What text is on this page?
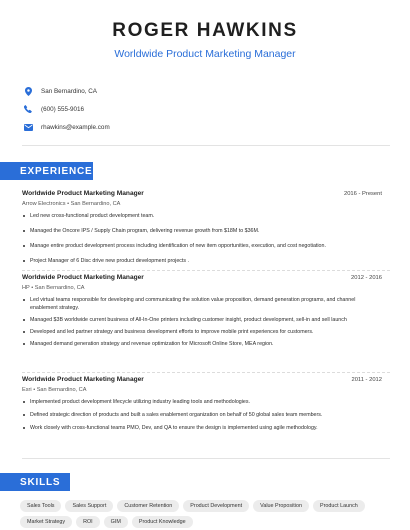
ROGER HAWKINS
Worldwide Product Marketing Manager
San Bernardino, CA
(600) 555-9016
rhawkins@example.com
EXPERIENCE
Worldwide Product Marketing Manager	2016 - Present
Arrow Electronics • San Bernardino, CA
Led new cross-functional product development team.
Managed the Oncore IPS / Supply Chain program, delivering revenue growth from $18M to $36M.
Manage entire product development process including identification of new item opportunities, execution, and cost negotiation.
Project Manager of 6 Disc drive new product development projects .
Worldwide Product Marketing Manager	2012 - 2016
HP • San Bernardino, CA
Led virtual teams responsible for developing and communicating the solution value proposition, demand generation programs, and channel enablement strategy.
Managed $3B worldwide current business of All-In-One printers including customer insight, product development, sell-in and sell launch
Developed and led partner strategy and business development efforts to improve mobile print experiences for customers.
Managed demand generation strategy and revenue optimization for Microsoft Online Store, MEA region.
Worldwide Product Marketing Manager	2011 - 2012
Esri • San Bernardino, CA
Implemented product development lifecycle utilizing industry leading tools and methodologies.
Defined strategic direction of products and built a sales enablement organization on behalf of 50 global sales team members.
Work closely with cross-functional teams PMO, Dev, and QA to ensure the design is implemented using agile methodology.
SKILLS
Sales Tools	Sales Support	Customer Retention	Product Development	Value Proposition	Product Launch
Market Strategy	ROI	GIM	Product Knowledge
